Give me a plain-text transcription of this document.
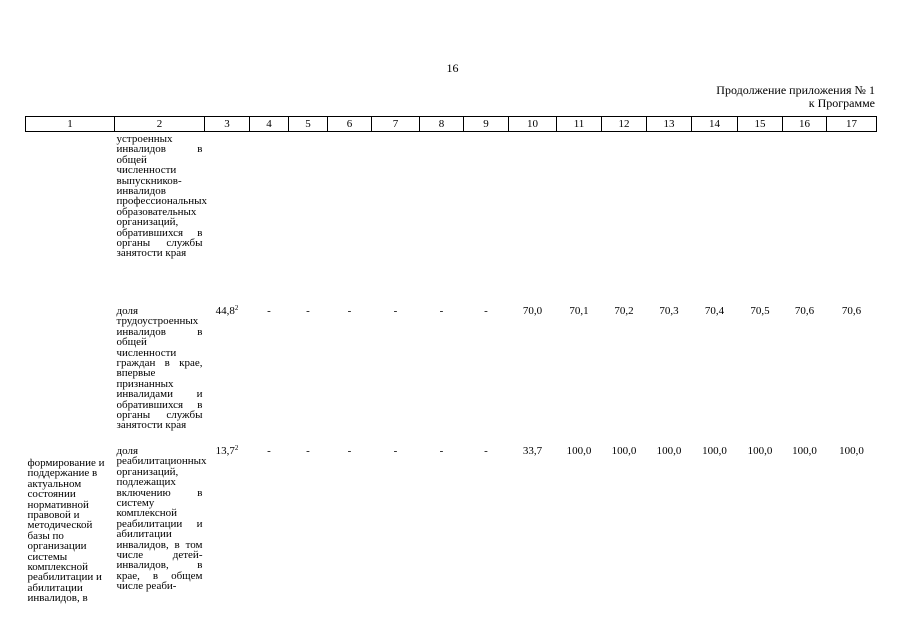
16
Продолжение приложения № 1
к Программе
1	2	3	4	5	6	7	8	9	10	11	12	13	14	15	16	17
	устроенных инвалидов в общей численности выпускников-инвалидов профессиональных образовательных организаций, обратившихся в органы службы занятости края															
	доля трудоустроенных инвалидов в общей численности граждан в крае, впервые признанных инвалидами и обратившихся в органы службы занятости края	44,8$^2$	-	-	-	-	-	-	70,0	70,1	70,2	70,3	70,4	70,5	70,6	70,6
формирование и поддержание в актуальном состоянии нормативной правовой и методической базы по организации системы комплексной реабилитации и абилитации инвалидов, в	доля реабилитационных организаций, подлежащих включению в систему комплексной реабилитации и абилитации инвалидов, в том числе детей-инвалидов, в крае, в общем числе реаби-	13,7$^2$	-	-	-	-	-	-	33,7	100,0	100,0	100,0	100,0	100,0	100,0	100,0
